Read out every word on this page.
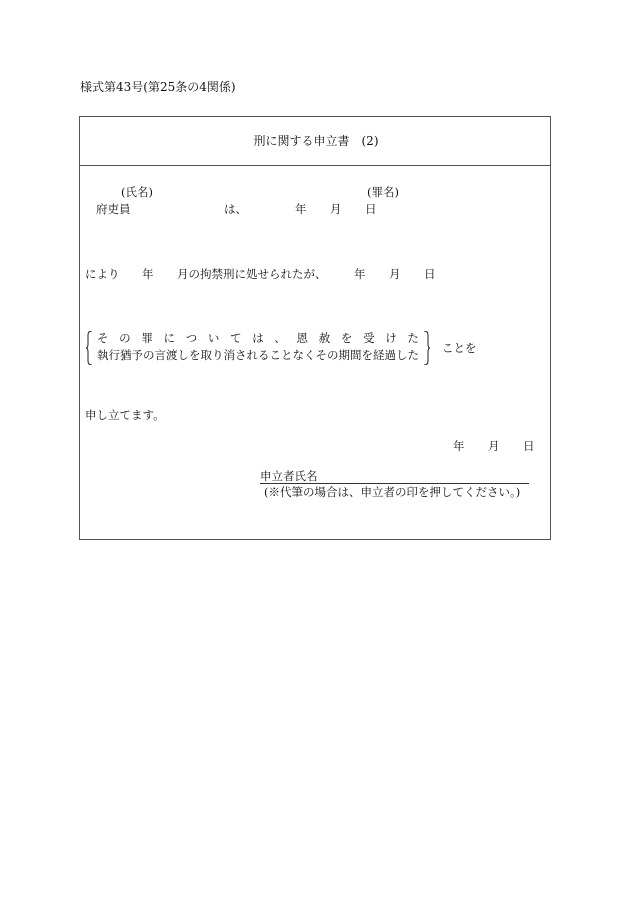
様式第43号(第25条の4関係)
刑に関する申立書　(2)
(氏名)	(罪名)
府吏員	は、	年 月 日
により 年 月の拘禁刑に処せられたが、 年 月 日
そ の 罪 に つ い て は 、 恩 赦 を 受 け た
執行猶予の言渡しを取り消されることなくその期間を経過した ことを
申し立てます。
年 月 日
申立者氏名
(※代筆の場合は、申立者の印を押してください。)
